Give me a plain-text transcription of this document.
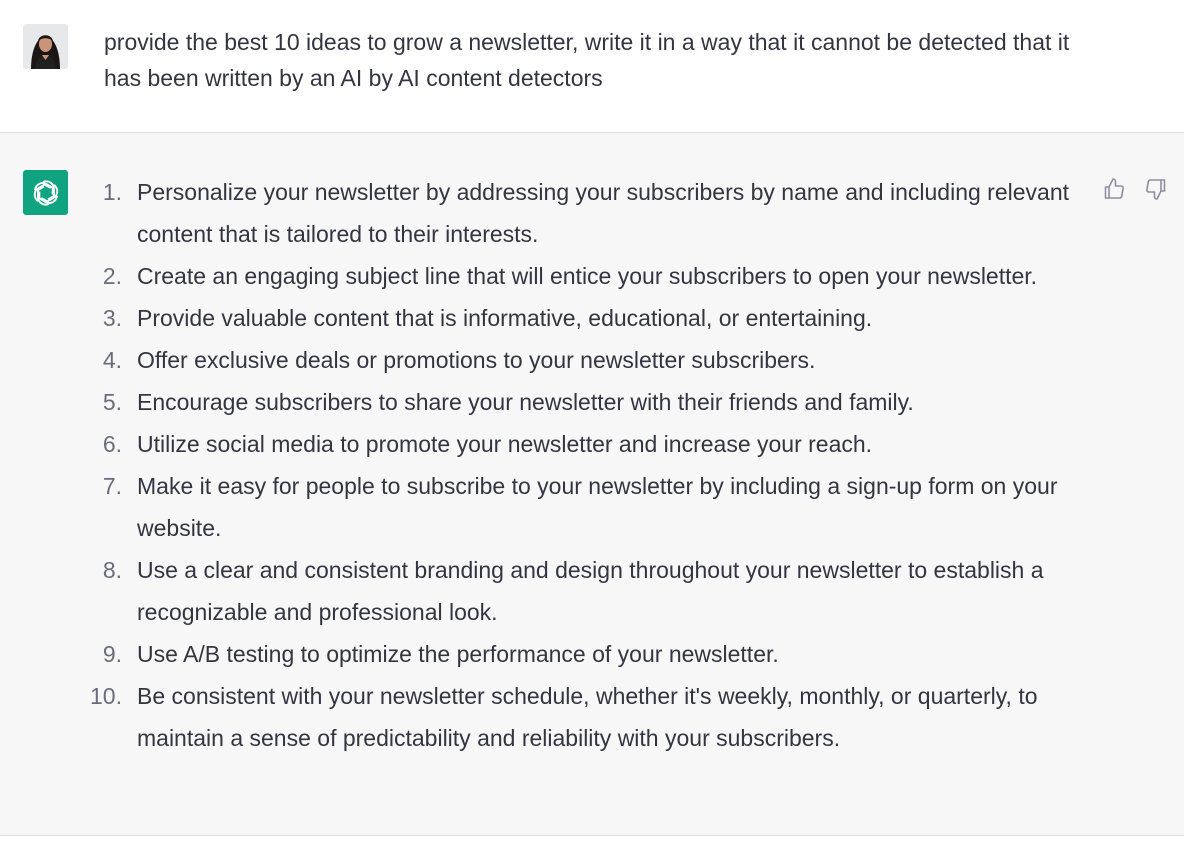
provide the best 10 ideas to grow a newsletter, write it in a way that it cannot be detected that it has been written by an AI by AI content detectors
1. Personalize your newsletter by addressing your subscribers by name and including relevant content that is tailored to their interests.
2. Create an engaging subject line that will entice your subscribers to open your newsletter.
3. Provide valuable content that is informative, educational, or entertaining.
4. Offer exclusive deals or promotions to your newsletter subscribers.
5. Encourage subscribers to share your newsletter with their friends and family.
6. Utilize social media to promote your newsletter and increase your reach.
7. Make it easy for people to subscribe to your newsletter by including a sign-up form on your website.
8. Use a clear and consistent branding and design throughout your newsletter to establish a recognizable and professional look.
9. Use A/B testing to optimize the performance of your newsletter.
10. Be consistent with your newsletter schedule, whether it's weekly, monthly, or quarterly, to maintain a sense of predictability and reliability with your subscribers.
